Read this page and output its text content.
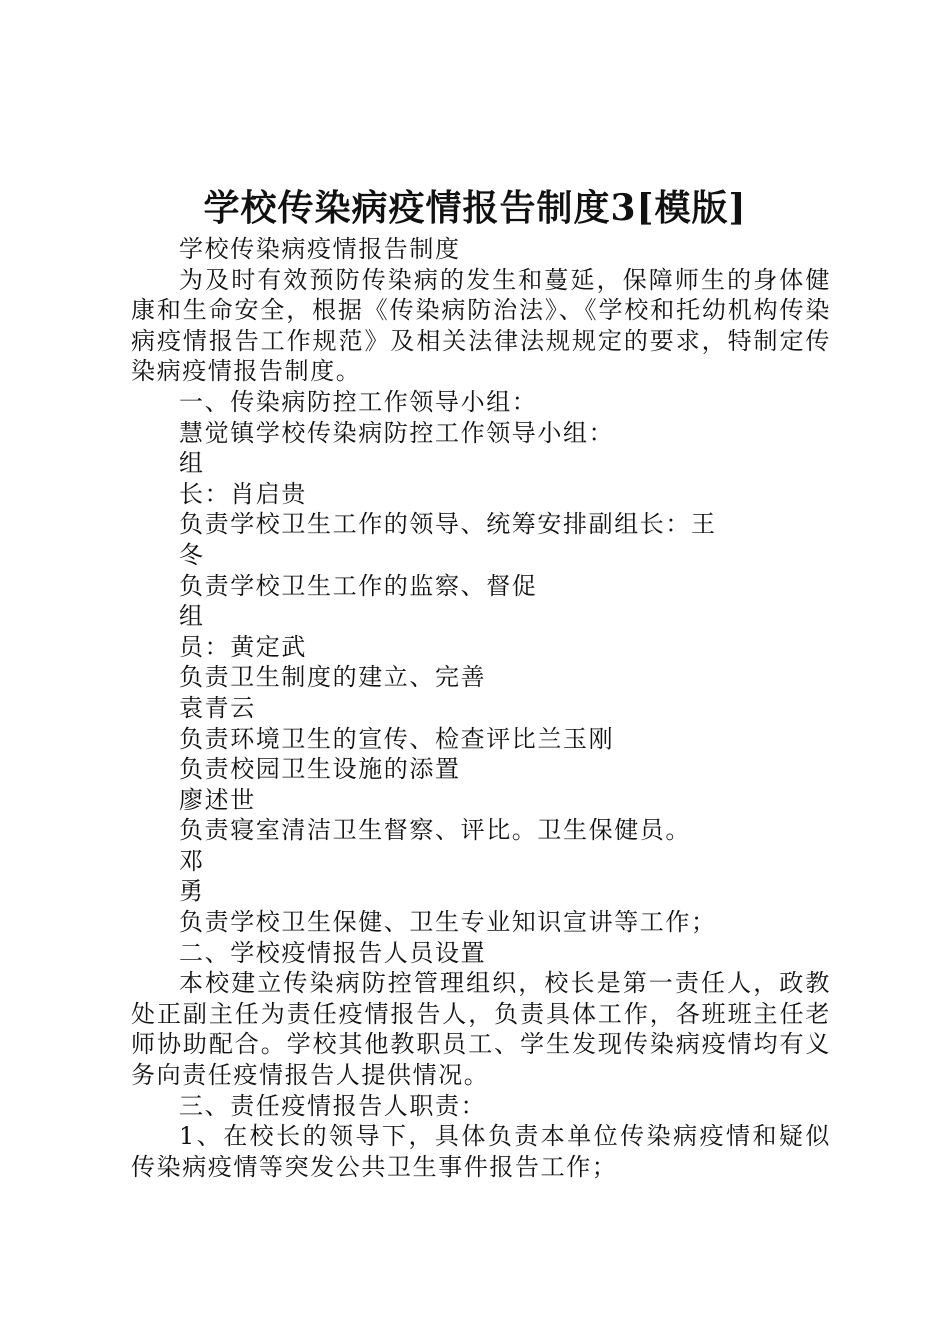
学校传染病疫情报告制度3[模版]

学校传染病疫情报告制度

为及时有效预防传染病的发生和蔓延，保障师生的身体健康和生命安全，根据《传染病防治法》、《学校和托幼机构传染病疫情报告工作规范》及相关法律法规规定的要求，特制定传染病疫情报告制度。

一、传染病防控工作领导小组：

慧觉镇学校传染病防控工作领导小组：

组

长：肖启贵

负责学校卫生工作的领导、统筹安排副组长：王

冬

负责学校卫生工作的监察、督促

组

员：黄定武

负责卫生制度的建立、完善

袁青云

负责环境卫生的宣传、检查评比兰玉刚

负责校园卫生设施的添置

廖述世

负责寝室清洁卫生督察、评比。卫生保健员。

邓

勇

负责学校卫生保健、卫生专业知识宣讲等工作；

二、学校疫情报告人员设置

本校建立传染病防控管理组织，校长是第一责任人，政教处正副主任为责任疫情报告人，负责具体工作，各班班主任老师协助配合。学校其他教职员工、学生发现传染病疫情均有义务向责任疫情报告人提供情况。

三、责任疫情报告人职责：

1、在校长的领导下，具体负责本单位传染病疫情和疑似传染病疫情等突发公共卫生事件报告工作；
